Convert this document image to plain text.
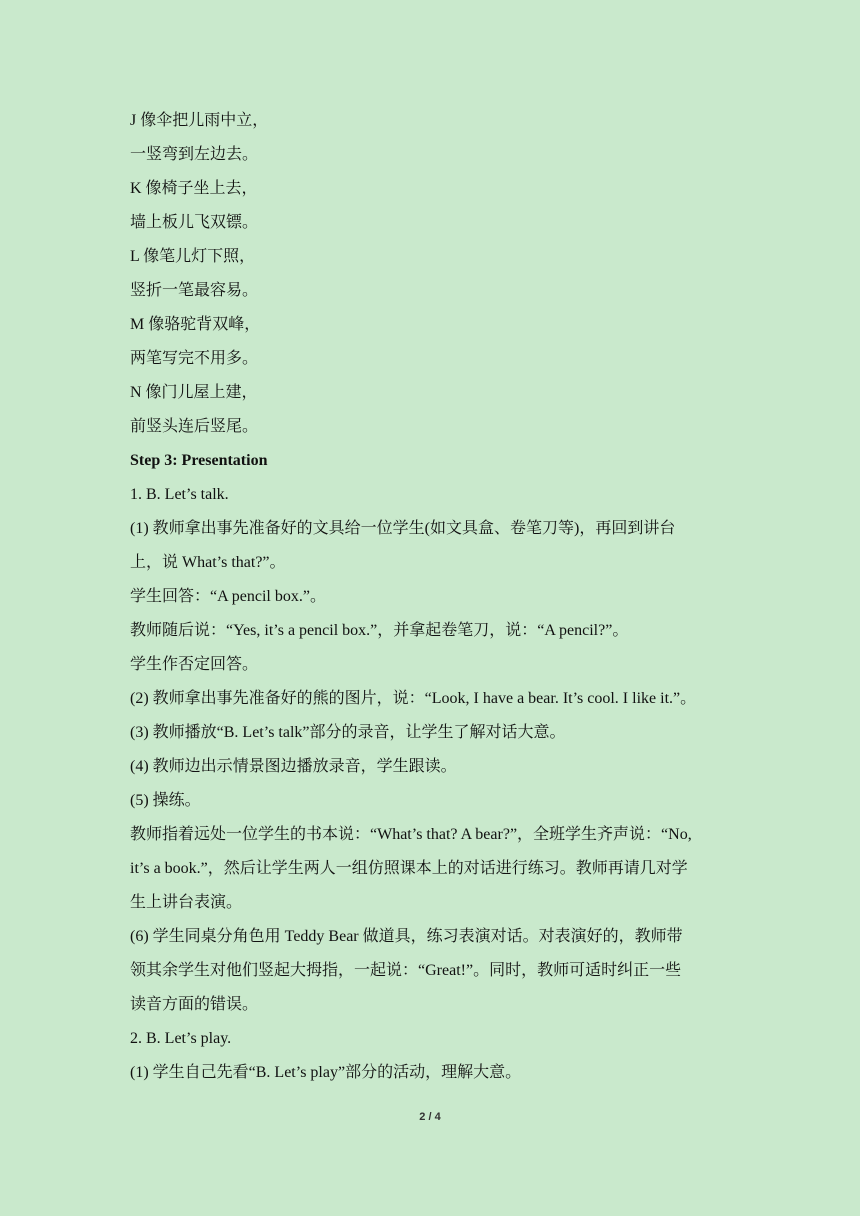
J 像伞把儿雨中立，

一竖弯到左边去。

K 像椅子坐上去，

墙上板儿飞双镖。

L 像笔儿灯下照，

竖折一笔最容易。

M 像骆驼背双峰，

两笔写完不用多。

N 像门儿屋上建，

前竖头连后竖尾。

Step 3: Presentation

1. B. Let’s talk.

(1) 教师拿出事先准备好的文具给一位学生(如文具盒、卷笔刀等)，再回到讲台

上，说 What’s that?”。

学生回答：“A pencil box.”。

教师随后说：“Yes, it’s a pencil box.”，并拿起卷笔刀，说：“A pencil?”。

学生作否定回答。

(2) 教师拿出事先准备好的熊的图片，说：“Look, I have a bear. It’s cool. I like it.”。

(3) 教师播放“B. Let’s talk”部分的录音，让学生了解对话大意。

(4) 教师边出示情景图边播放录音，学生跟读。

(5) 操练。

教师指着远处一位学生的书本说：“What’s that? A bear?”，全班学生齐声说：“No,

it’s a book.”，然后让学生两人一组仿照课本上的对话进行练习。教师再请几对学

生上讲台表演。

(6) 学生同桌分角色用 Teddy Bear 做道具，练习表演对话。对表演好的，教师带

领其余学生对他们竖起大拇指，一起说：“Great!”。同时，教师可适时纠正一些

读音方面的错误。

2. B. Let’s play.

(1) 学生自己先看“B. Let’s play”部分的活动，理解大意。

2 / 4
